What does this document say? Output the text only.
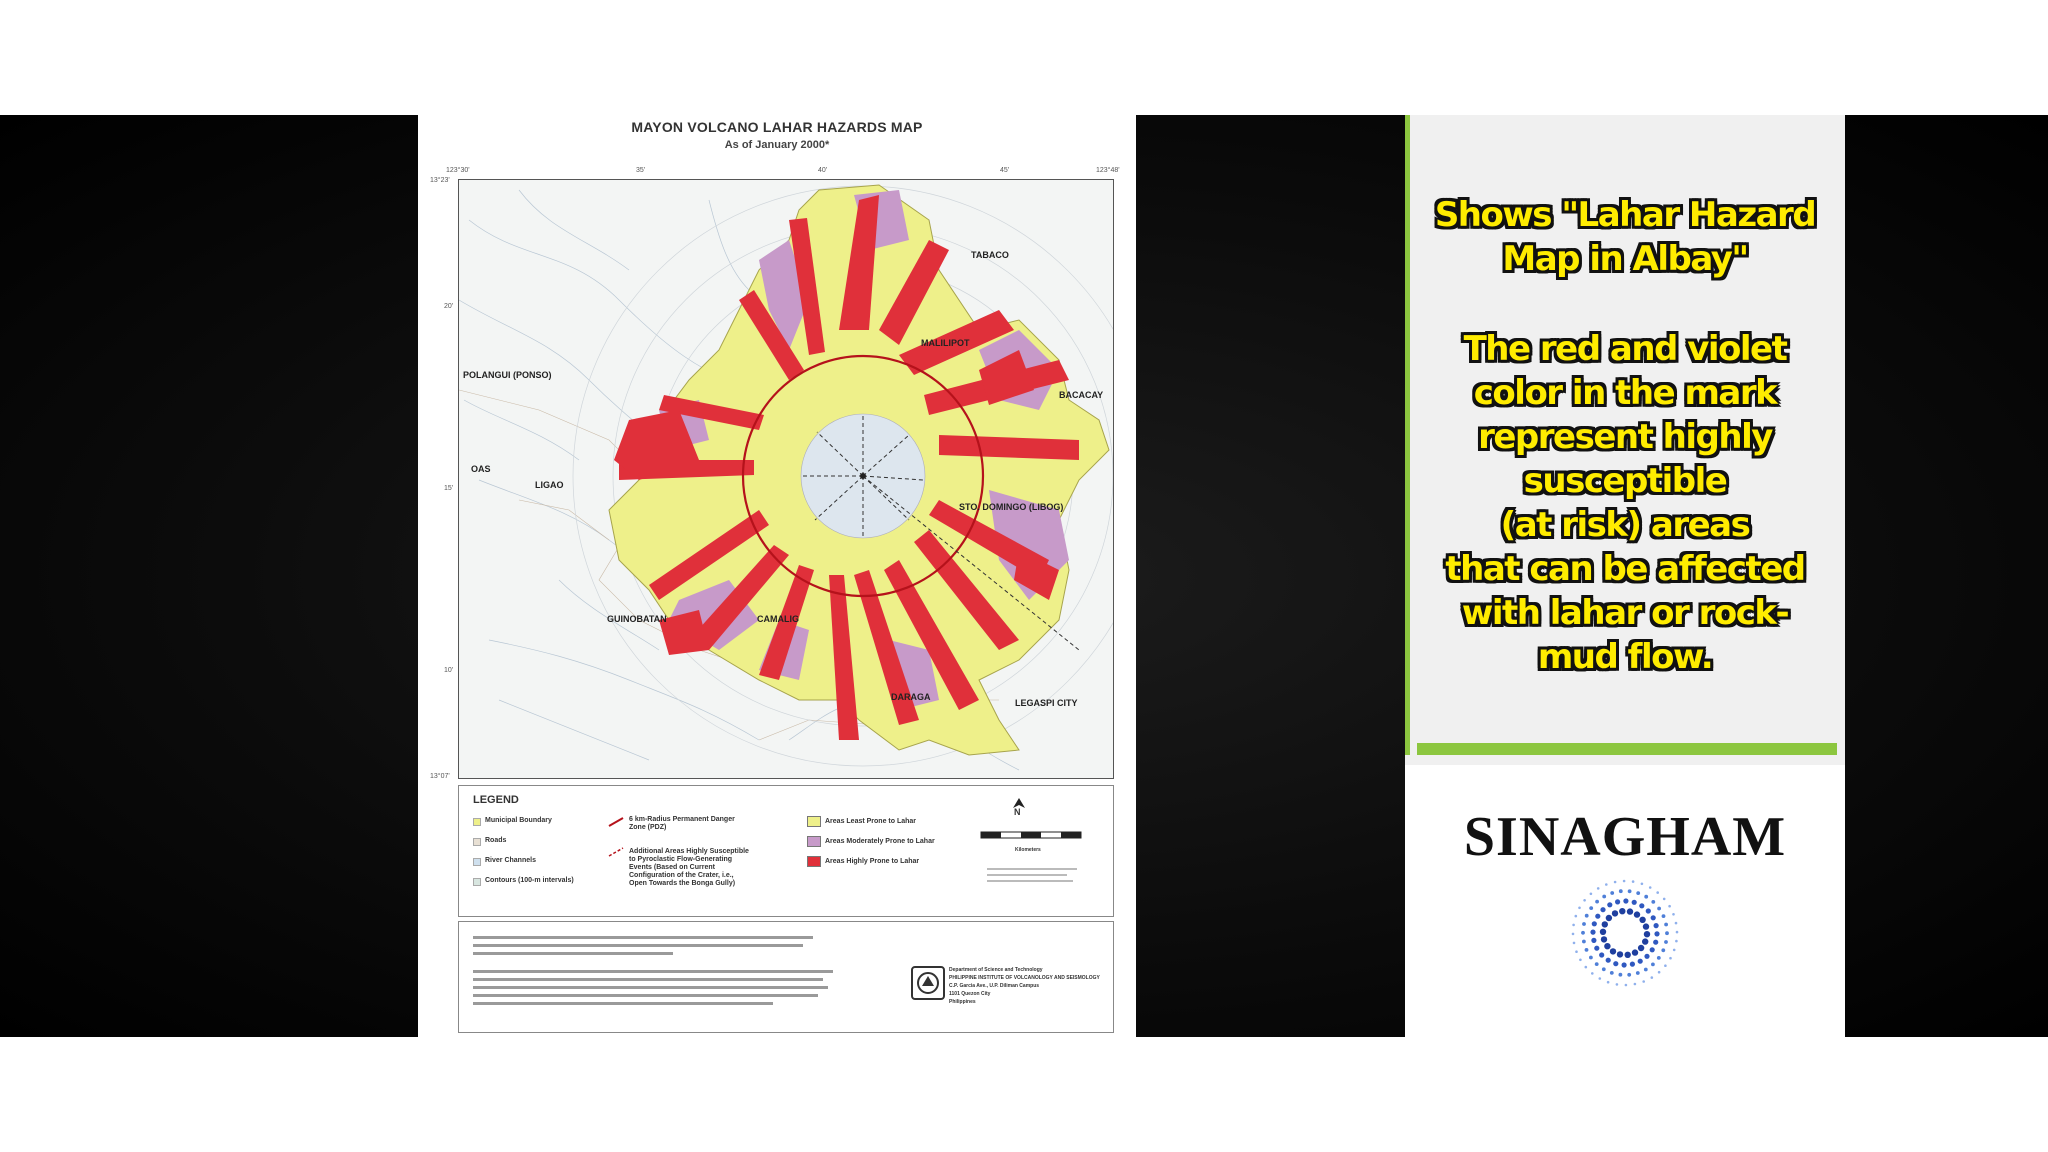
MAYON VOLCANO LAHAR HAZARDS MAP
As of January 2000*
123°30'	35'	40'	45'	123°48'
13°23'
20'
15'
10'
13°07'
TABACO
MALILIPOT
BACACAY
POLANGUI (PONSO)
OAS
LIGAO
STO. DOMINGO (LIBOG)
GUINOBATAN	CAMALIG
DARAGA
LEGASPI CITY
LEGEND
Municipal Boundary
Roads
River Channels
Contours (100-m intervals)
6 km-Radius Permanent Danger Zone (PDZ)
Additional Areas Highly Susceptible to Pyroclastic Flow-Generating Events (Based on Current Configuration of the Crater, i.e., Open Towards the Bonga Gully)
Areas Least Prone to Lahar
Areas Moderately Prone to Lahar
Areas Highly Prone to Lahar
N
Kilometers
Department of Science and Technology
PHILIPPINE INSTITUTE OF VOLCANOLOGY AND SEISMOLOGY
C.P. Garcia Ave., U.P. Diliman Campus
1101 Quezon City
Philippines
Shows "Lahar Hazard
Map in Albay"
The red and violet
color in the mark
represent highly
susceptible
(at risk) areas
that can be affected
with lahar or rock-
mud flow.
SINAGHAM
